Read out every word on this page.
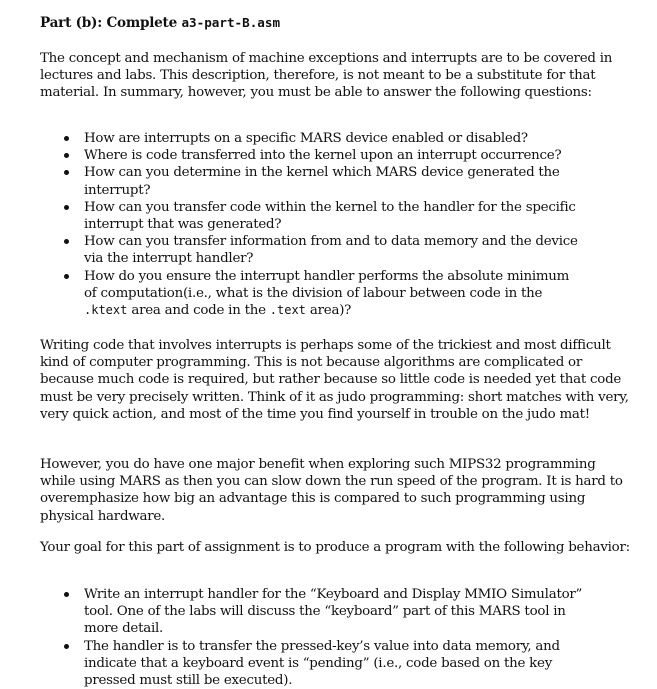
Part (b): Complete a3-part-B.asm

The concept and mechanism of machine exceptions and interrupts are to be covered in lectures and labs. This description, therefore, is not meant to be a substitute for that material. In summary, however, you must be able to answer the following questions:

How are interrupts on a specific MARS device enabled or disabled?
Where is code transferred into the kernel upon an interrupt occurrence?
How can you determine in the kernel which MARS device generated the interrupt?
How can you transfer code within the kernel to the handler for the specific interrupt that was generated?
How can you transfer information from and to data memory and the device via the interrupt handler?
How do you ensure the interrupt handler performs the absolute minimum of computation(i.e., what is the division of labour between code in the .ktext area and code in the .text area)?

Writing code that involves interrupts is perhaps some of the trickiest and most difficult kind of computer programming. This is not because algorithms are complicated or because much code is required, but rather because so little code is needed yet that code must be very precisely written. Think of it as judo programming: short matches with very, very quick action, and most of the time you find yourself in trouble on the judo mat!

However, you do have one major benefit when exploring such MIPS32 programming while using MARS as then you can slow down the run speed of the program. It is hard to overemphasize how big an advantage this is compared to such programming using physical hardware.

Your goal for this part of assignment is to produce a program with the following behavior:

Write an interrupt handler for the “Keyboard and Display MMIO Simulator” tool. One of the labs will discuss the “keyboard” part of this MARS tool in more detail.
The handler is to transfer the pressed-key’s value into data memory, and indicate that a keyboard event is “pending” (i.e., code based on the key pressed must still be executed).
